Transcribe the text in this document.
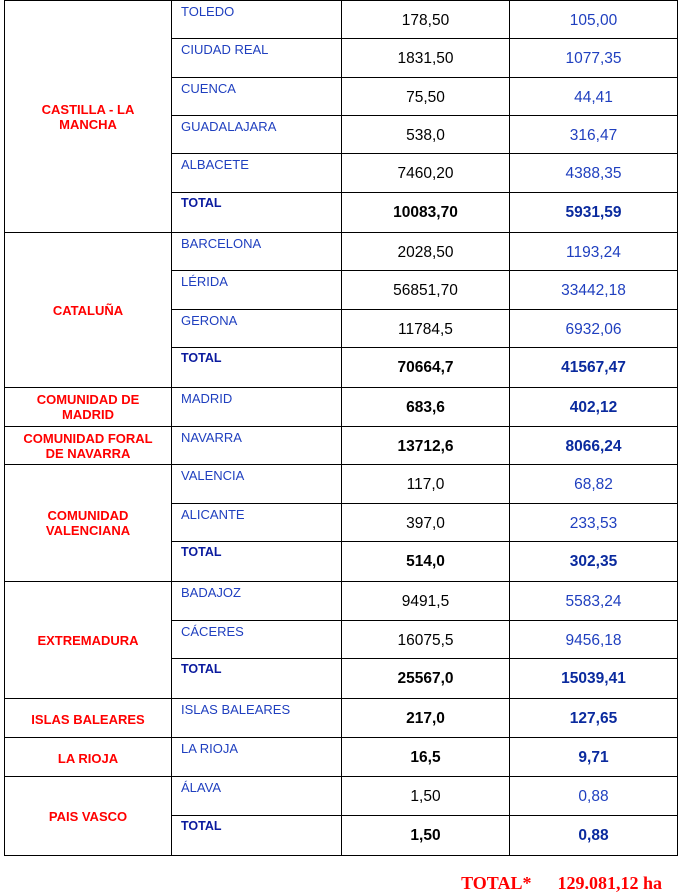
CASTILLA - LA MANCHA	TOLEDO	178,50	105,00
	CIUDAD REAL	1831,50	1077,35
	CUENCA	75,50	44,41
	GUADALAJARA	538,0	316,47
	ALBACETE	7460,20	4388,35
	TOTAL	10083,70	5931,59
CATALUÑA	BARCELONA	2028,50	1193,24
	LÉRIDA	56851,70	33442,18
	GERONA	11784,5	6932,06
	TOTAL	70664,7	41567,47

COMUNIDAD DE MADRID	MADRID	683,6	402,12

COMUNIDAD FORAL DE NAVARRA	NAVARRA	13712,6	8066,24

COMUNIDAD VALENCIANA	VALENCIA	117,0	68,82
	ALICANTE	397,0	233,53
	TOTAL	514,0	302,35
EXTREMADURA	BADAJOZ	9491,5	5583,24
	CÁCERES	16075,5	9456,18
	TOTAL	25567,0	15039,41
ISLAS BALEARES	ISLAS BALEARES	217,0	127,65
LA RIOJA	LA RIOJA	16,5	9,71
PAIS VASCO	ÁLAVA	1,50	0,88
	TOTAL	1,50	0,88
TOTAL* 129.081,12 ha
